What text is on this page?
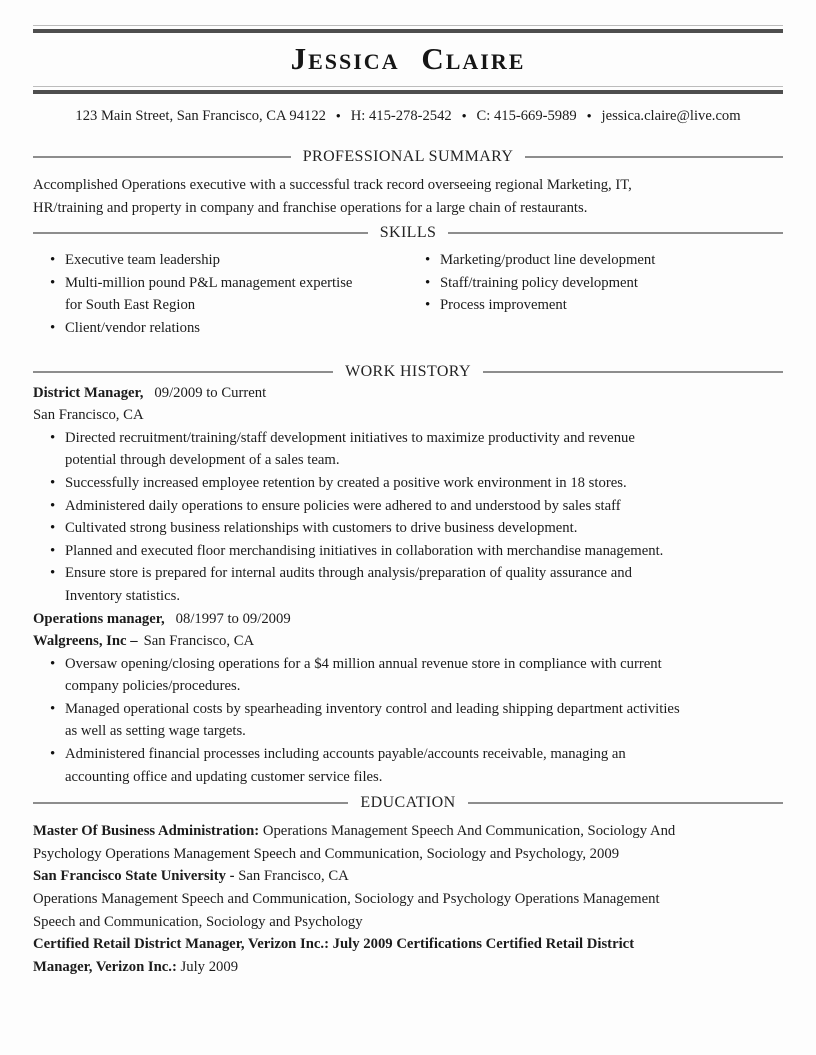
Jessica Claire
123 Main Street, San Francisco, CA 94122 ● H: 415-278-2542 ● C: 415-669-5989 ● jessica.claire@live.com
PROFESSIONAL SUMMARY
Accomplished Operations executive with a successful track record overseeing regional Marketing, IT,
HR/training and property in company and franchise operations for a large chain of restaurants.
SKILLS
• Executive team leadership
• Multi-million pound P&L management expertise
for South East Region
• Client/vendor relations
• Marketing/product line development
• Staff/training policy development
• Process improvement
WORK HISTORY
District Manager, 09/2009 to Current
San Francisco, CA
• Directed recruitment/training/staff development initiatives to maximize productivity and revenue
potential through development of a sales team.
• Successfully increased employee retention by created a positive work environment in 18 stores.
• Administered daily operations to ensure policies were adhered to and understood by sales staff
• Cultivated strong business relationships with customers to drive business development.
• Planned and executed floor merchandising initiatives in collaboration with merchandise management.
• Ensure store is prepared for internal audits through analysis/preparation of quality assurance and
Inventory statistics.
Operations manager, 08/1997 to 09/2009
Walgreens, Inc – San Francisco, CA
• Oversaw opening/closing operations for a $4 million annual revenue store in compliance with current
company policies/procedures.
• Managed operational costs by spearheading inventory control and leading shipping department activities
as well as setting wage targets.
• Administered financial processes including accounts payable/accounts receivable, managing an
accounting office and updating customer service files.
EDUCATION
Master Of Business Administration: Operations Management Speech And Communication, Sociology And
Psychology Operations Management Speech and Communication, Sociology and Psychology, 2009
San Francisco State University - San Francisco, CA
Operations Management Speech and Communication, Sociology and Psychology Operations Management
Speech and Communication, Sociology and Psychology
Certified Retail District Manager, Verizon Inc.: July 2009 Certifications Certified Retail District
Manager, Verizon Inc.: July 2009
